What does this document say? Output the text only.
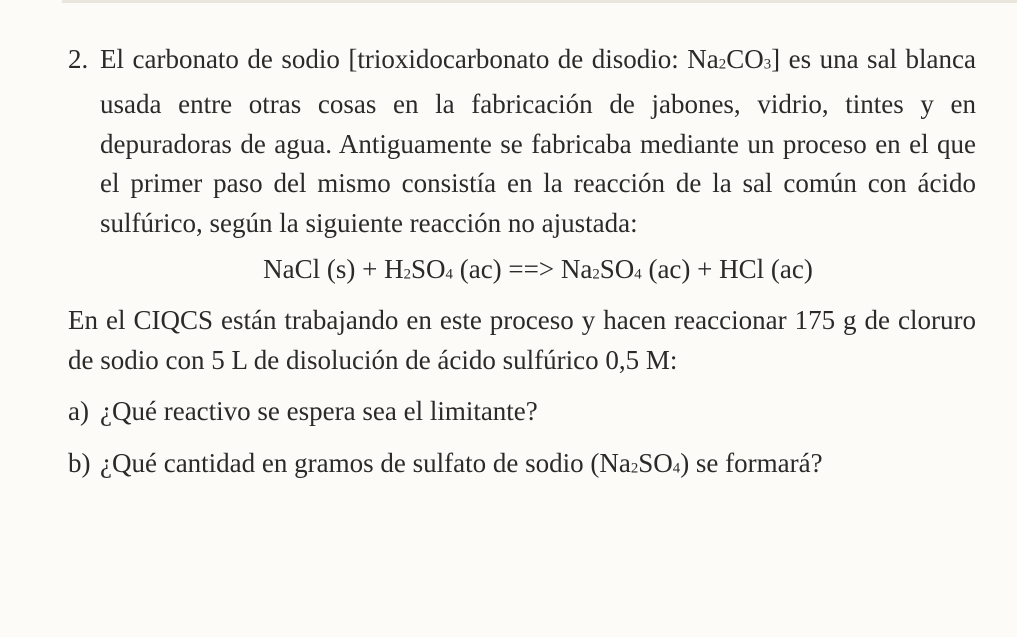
2. El carbonato de sodio [trioxidocarbonato de disodio: Na2CO3] es una sal blanca usada entre otras cosas en la fabricación de jabones, vidrio, tintes y en depuradoras de agua. Antiguamente se fabricaba mediante un proceso en el que el primer paso del mismo consistía en la reacción de la sal común con ácido sulfúrico, según la siguiente reacción no ajustada:
NaCl (s) + H2SO4 (ac) ==> Na2SO4 (ac) + HCl (ac)
En el CIQCS están trabajando en este proceso y hacen reaccionar 175 g de cloruro de sodio con 5 L de disolución de ácido sulfúrico 0,5 M:
a) ¿Qué reactivo se espera sea el limitante?
b) ¿Qué cantidad en gramos de sulfato de sodio (Na2SO4) se formará?
